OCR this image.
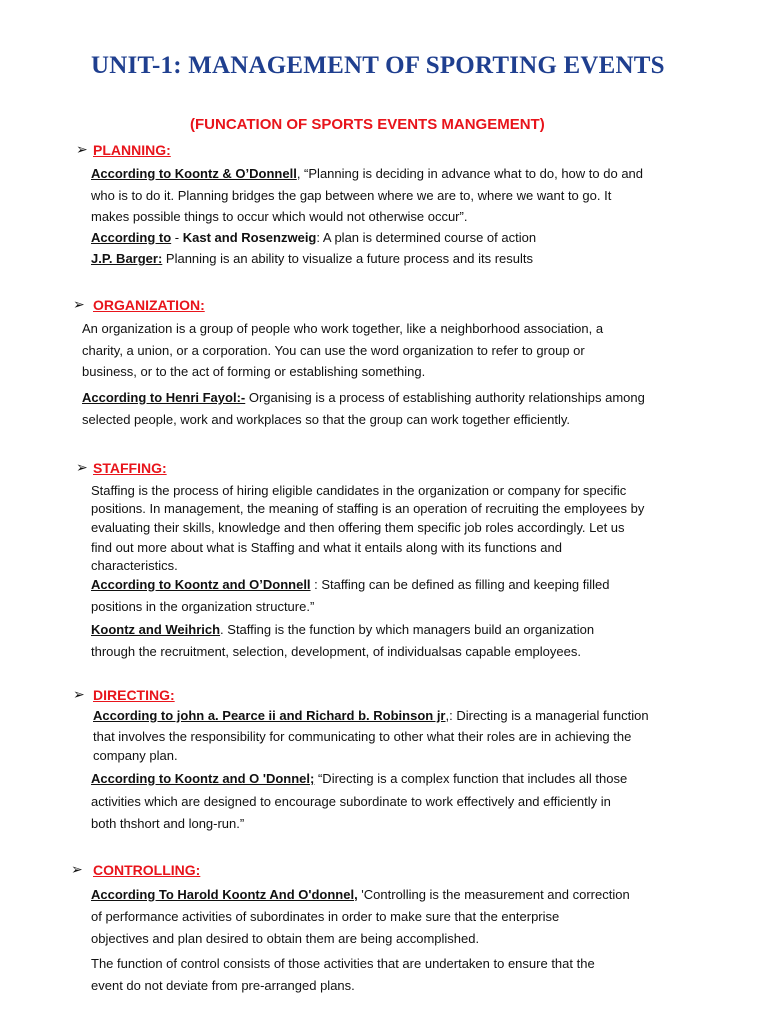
UNIT-1: MANAGEMENT OF SPORTING EVENTS
(FUNCATION OF SPORTS EVENTS MANGEMENT)
➢ PLANNING:
According to Koontz & O’Donnell, “Planning is deciding in advance what to do, how to do and
who is to do it. Planning bridges the gap between where we are to, where we want to go. It
makes possible things to occur which would not otherwise occur”.
According to - Kast and Rosenzweig: A plan is determined course of action
J.P. Barger: Planning is an ability to visualize a future process and its results
➢ ORGANIZATION:
An organization is a group of people who work together, like a neighborhood association, a
charity, a union, or a corporation. You can use the word organization to refer to group or
business, or to the act of forming or establishing something.
According to Henri Fayol:- Organising is a process of establishing authority relationships among
selected people, work and workplaces so that the group can work together efficiently.
➢ STAFFING:
Staffing is the process of hiring eligible candidates in the organization or company for specific
positions. In management, the meaning of staffing is an operation of recruiting the employees by
evaluating their skills, knowledge and then offering them specific job roles accordingly. Let us
find out more about what is Staffing and what it entails along with its functions and
characteristics.
According to Koontz and O’Donnell : Staffing can be defined as filling and keeping filled
positions in the organization structure.”
Koontz and Weihrich. Staffing is the function by which managers build an organization
through the recruitment, selection, development, of individualsas capable employees.
➢ DIRECTING:
According to john a. Pearce ii and Richard b. Robinson jr,: Directing is a managerial function
that involves the responsibility for communicating to other what their roles are in achieving the
company plan.
According to Koontz and O 'Donnel; “Directing is a complex function that includes all those
activities which are designed to encourage subordinate to work effectively and efficiently in
both thshort and long-run.”
➢ CONTROLLING:
According To Harold Koontz And O'donnel, 'Controlling is the measurement and correction
of performance activities of subordinates in order to make sure that the enterprise
objectives and plan desired to obtain them are being accomplished.
The function of control consists of those activities that are undertaken to ensure that the
event do not deviate from pre-arranged plans.
